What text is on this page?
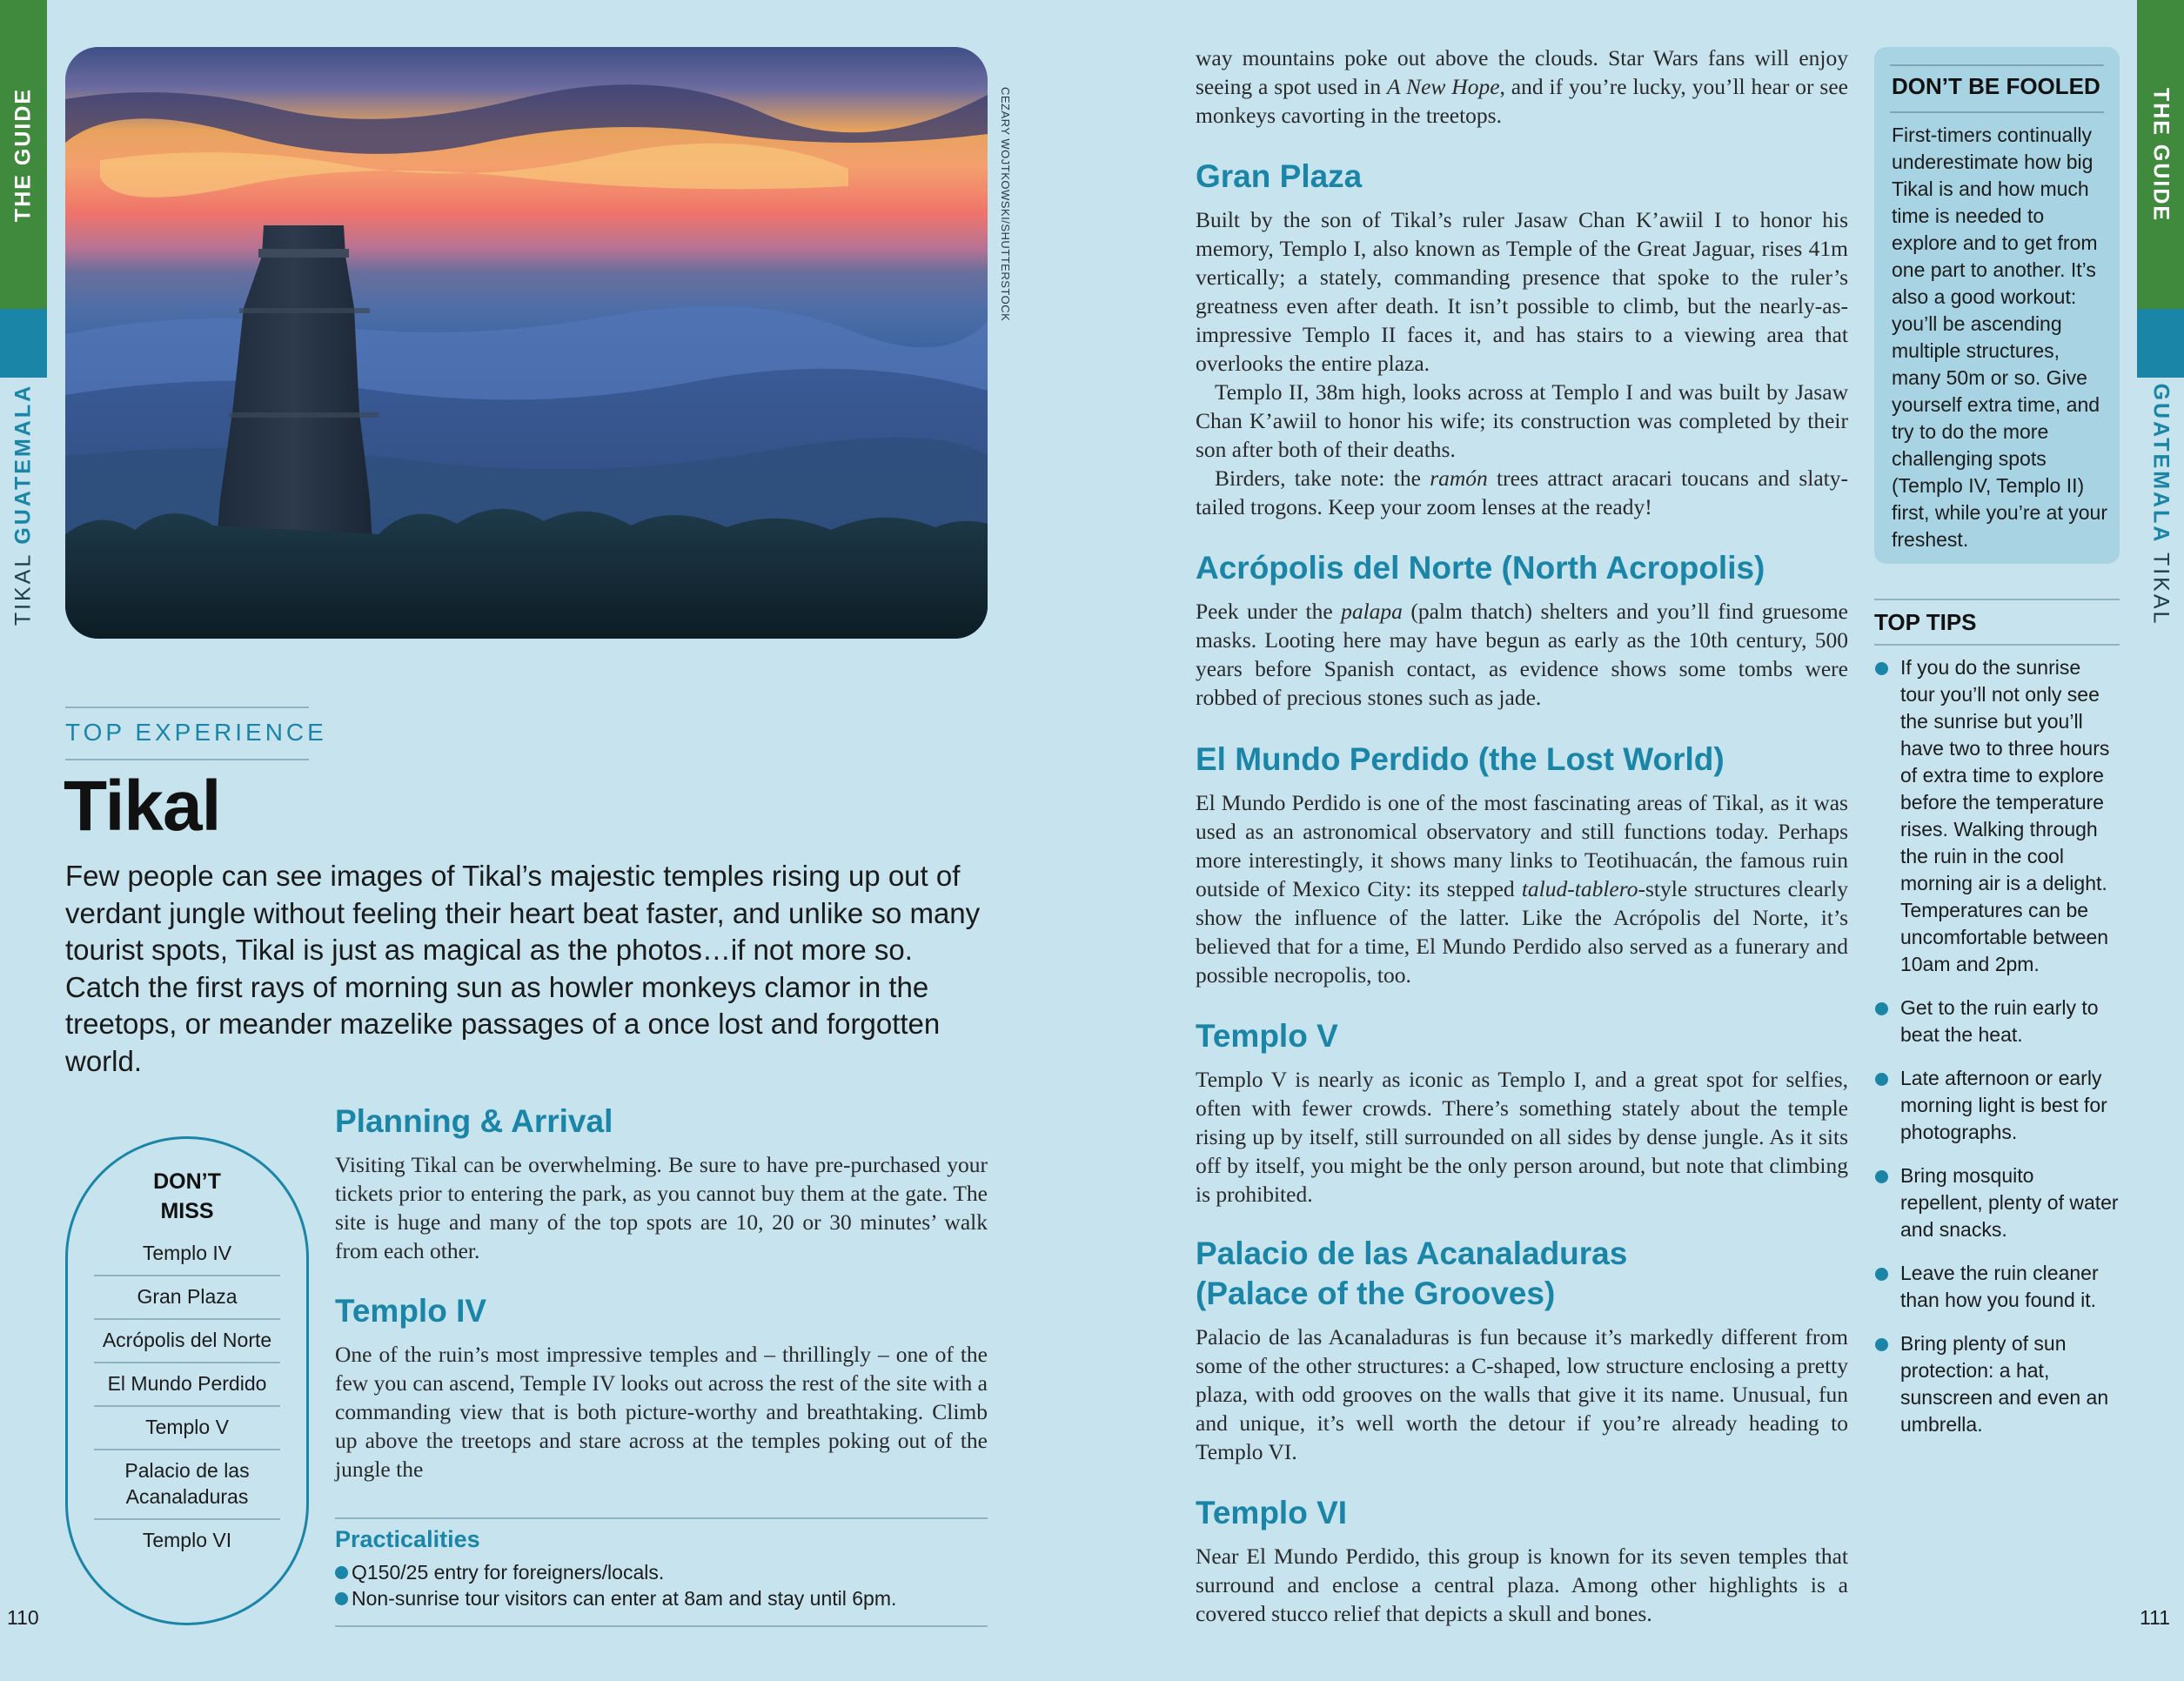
THE GUIDE	THE GUIDE
TIKAL GUATEMALA	GUATEMALA TIKAL
110	111
CEZARY WOJTKOWSKI/SHUTTERSTOCK
TOP EXPERIENCE
Tikal

Few people can see images of Tikal’s majestic temples rising up out of verdant jungle without feeling their heart beat faster, and unlike so many tourist spots, Tikal is just as magical as the photos…if not more so. Catch the first rays of morning sun as howler monkeys clamor in the treetops, or meander mazelike passages of a once lost and forgotten world.

DON’T
MISS
Templo IV
Gran Plaza
Acrópolis del Norte
El Mundo Perdido
Templo V
Palacio de las Acanaladuras
Templo VI
Planning & Arrival

Visiting Tikal can be overwhelming. Be sure to have pre-purchased your tickets prior to entering the park, as you cannot buy them at the gate. The site is huge and many of the top spots are 10, 20 or 30 minutes’ walk from each other.

Templo IV

One of the ruin’s most impressive temples and – thrillingly – one of the few you can ascend, Temple IV looks out across the rest of the site with a commanding view that is both picture-worthy and breathtaking. Climb up above the treetops and stare across at the temples poking out of the jungle the

Practicalities
Q150/25 entry for foreigners/locals.
Non-sunrise tour visitors can enter at 8am and stay until 6pm.

way mountains poke out above the clouds. Star Wars fans will enjoy seeing a spot used in A New Hope, and if you’re lucky, you’ll hear or see monkeys cavorting in the treetops.

Gran Plaza

Built by the son of Tikal’s ruler Jasaw Chan K’awiil I to honor his memory, Templo I, also known as Temple of the Great Jaguar, rises 41m vertically; a stately, commanding presence that spoke to the ruler’s greatness even after death. It isn’t possible to climb, but the nearly-as-impressive Templo II faces it, and has stairs to a viewing area that overlooks the entire plaza.

Templo II, 38m high, looks across at Templo I and was built by Jasaw Chan K’awiil to honor his wife; its construction was completed by their son after both of their deaths.

Birders, take note: the ramón trees attract aracari toucans and slaty-tailed trogons. Keep your zoom lenses at the ready!

Acrópolis del Norte (North Acropolis)

Peek under the palapa (palm thatch) shelters and you’ll find gruesome masks. Looting here may have begun as early as the 10th century, 500 years before Spanish contact, as evidence shows some tombs were robbed of precious stones such as jade.

El Mundo Perdido (the Lost World)

El Mundo Perdido is one of the most fascinating areas of Tikal, as it was used as an astronomical observatory and still functions today. Perhaps more interestingly, it shows many links to Teotihuacán, the famous ruin outside of Mexico City: its stepped talud-tablero-style structures clearly show the influence of the latter. Like the Acrópolis del Norte, it’s believed that for a time, El Mundo Perdido also served as a funerary and possible necropolis, too.

Templo V

Templo V is nearly as iconic as Templo I, and a great spot for selfies, often with fewer crowds. There’s something stately about the temple rising up by itself, still surrounded on all sides by dense jungle. As it sits off by itself, you might be the only person around, but note that climbing is prohibited.

Palacio de las Acanaladuras
(Palace of the Grooves)

Palacio de las Acanaladuras is fun because it’s markedly different from some of the other structures: a C-shaped, low structure enclosing a pretty plaza, with odd grooves on the walls that give it its name. Unusual, fun and unique, it’s well worth the detour if you’re already heading to Templo VI.

Templo VI

Near El Mundo Perdido, this group is known for its seven temples that surround and enclose a central plaza. Among other highlights is a covered stucco relief that depicts a skull and bones.

DON’T BE FOOLED

First-timers continually underestimate how big Tikal is and how much time is needed to explore and to get from one part to another. It’s also a good workout: you’ll be ascending multiple structures, many 50m or so. Give yourself extra time, and try to do the more challenging spots (Templo IV, Templo II) first, while you’re at your freshest.

TOP TIPS
If you do the sunrise tour you’ll not only see the sunrise but you’ll have two to three hours of extra time to explore before the temperature rises. Walking through the ruin in the cool morning air is a delight. Temperatures can be uncomfortable between 10am and 2pm.
Get to the ruin early to beat the heat.
Late afternoon or early morning light is best for photographs.
Bring mosquito repellent, plenty of water and snacks.
Leave the ruin cleaner than how you found it.
Bring plenty of sun protection: a hat, sunscreen and even an umbrella.
